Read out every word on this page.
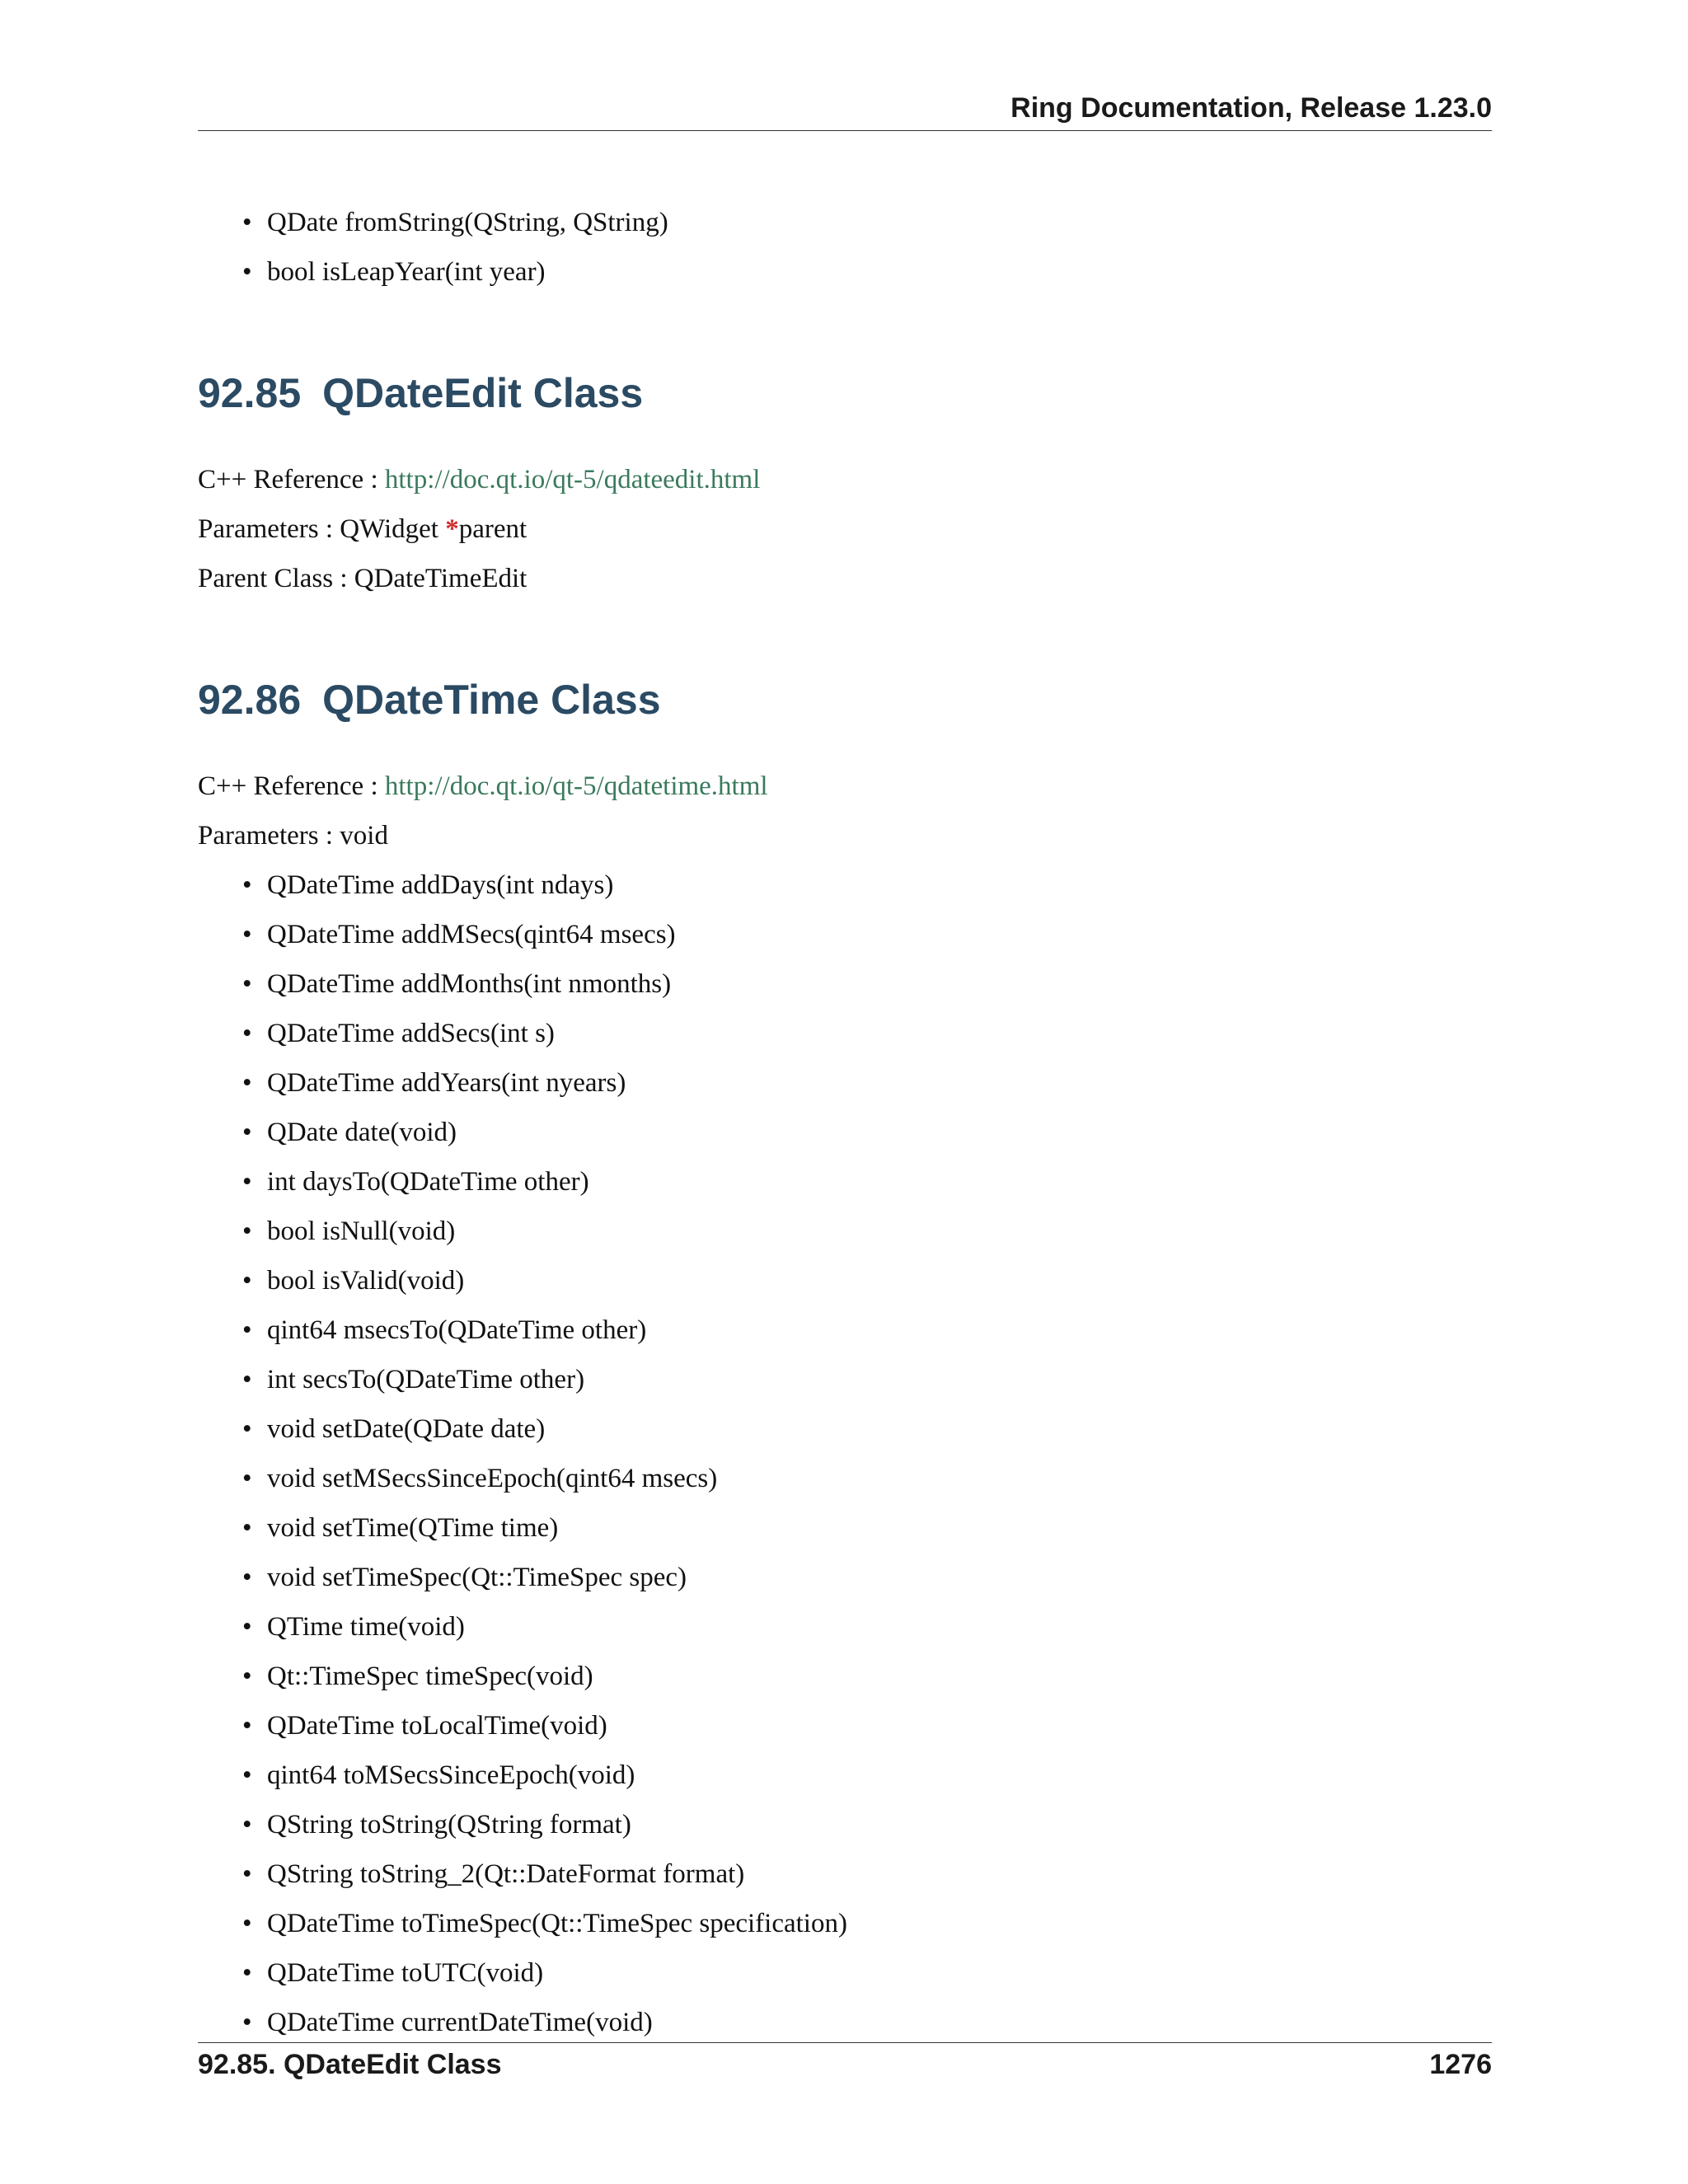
Ring Documentation, Release 1.23.0
• QDate fromString(QString, QString)
• bool isLeapYear(int year)
92.85 QDateEdit Class

C++ Reference : http://doc.qt.io/qt-5/qdateedit.html

Parameters : QWidget *parent

Parent Class : QDateTimeEdit

92.86 QDateTime Class

C++ Reference : http://doc.qt.io/qt-5/qdatetime.html

Parameters : void

• QDateTime addDays(int ndays)
• QDateTime addMSecs(qint64 msecs)
• QDateTime addMonths(int nmonths)
• QDateTime addSecs(int s)
• QDateTime addYears(int nyears)
• QDate date(void)
• int daysTo(QDateTime other)
• bool isNull(void)
• bool isValid(void)
• qint64 msecsTo(QDateTime other)
• int secsTo(QDateTime other)
• void setDate(QDate date)
• void setMSecsSinceEpoch(qint64 msecs)
• void setTime(QTime time)
• void setTimeSpec(Qt::TimeSpec spec)
• QTime time(void)
• Qt::TimeSpec timeSpec(void)
• QDateTime toLocalTime(void)
• qint64 toMSecsSinceEpoch(void)
• QString toString(QString format)
• QString toString_2(Qt::DateFormat format)
• QDateTime toTimeSpec(Qt::TimeSpec specification)
• QDateTime toUTC(void)
• QDateTime currentDateTime(void)
92.85. QDateEdit Class	1276
